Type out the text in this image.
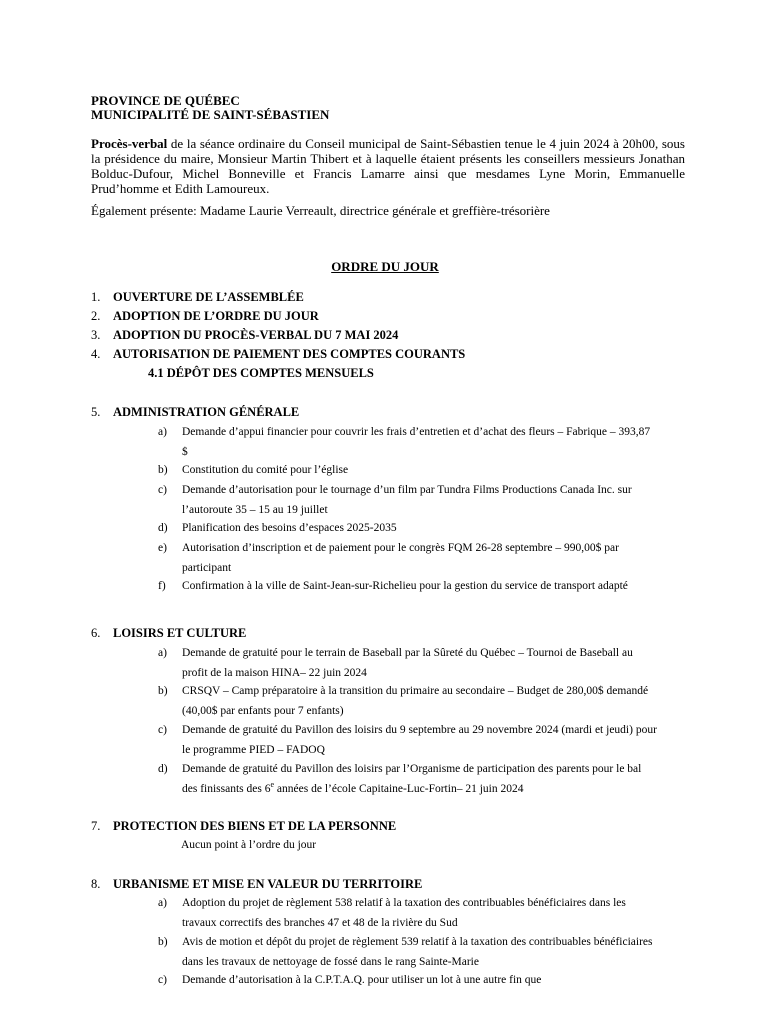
PROVINCE DE QUÉBEC
MUNICIPALITÉ DE SAINT-SÉBASTIEN
Procès-verbal de la séance ordinaire du Conseil municipal de Saint-Sébastien tenue le 4 juin 2024 à 20h00, sous la présidence du maire, Monsieur Martin Thibert et à laquelle étaient présents les conseillers messieurs Jonathan Bolduc-Dufour, Michel Bonneville et Francis Lamarre ainsi que mesdames Lyne Morin, Emmanuelle Prud’homme et Edith Lamoureux.
Également présente: Madame Laurie Verreault, directrice générale et greffière-trésorière
ORDRE DU JOUR
1. OUVERTURE DE L’ASSEMBLÉE
2. ADOPTION DE L’ORDRE DU JOUR
3. ADOPTION DU PROCÈS-VERBAL DU 7 MAI 2024
4. AUTORISATION DE PAIEMENT DES COMPTES COURANTS
4.1 DÉPÔT DES COMPTES MENSUELS
5. ADMINISTRATION GÉNÉRALE
a) Demande d’appui financier pour couvrir les frais d’entretien et d’achat des fleurs – Fabrique – 393,87 $
b) Constitution du comité pour l’église
c) Demande d’autorisation pour le tournage d’un film par Tundra Films Productions Canada Inc. sur l’autoroute 35 – 15 au 19 juillet
d) Planification des besoins d’espaces 2025-2035
e) Autorisation d’inscription et de paiement pour le congrès FQM 26-28 septembre – 990,00$ par participant
f) Confirmation à la ville de Saint-Jean-sur-Richelieu pour la gestion du service de transport adapté
6. LOISIRS ET CULTURE
a) Demande de gratuité pour le terrain de Baseball par la Sûreté du Québec – Tournoi de Baseball au profit de la maison HINA– 22 juin 2024
b) CRSQV – Camp préparatoire à la transition du primaire au secondaire – Budget de 280,00$ demandé (40,00$ par enfants pour 7 enfants)
c) Demande de gratuité du Pavillon des loisirs du 9 septembre au 29 novembre 2024 (mardi et jeudi) pour le programme PIED – FADOQ
d) Demande de gratuité du Pavillon des loisirs par l’Organisme de participation des parents pour le bal des finissants des 6e années de l’école Capitaine-Luc-Fortin– 21 juin 2024
7. PROTECTION DES BIENS ET DE LA PERSONNE
Aucun point à l’ordre du jour
8. URBANISME ET MISE EN VALEUR DU TERRITOIRE
a) Adoption du projet de règlement 538 relatif à la taxation des contribuables bénéficiaires dans les travaux correctifs des branches 47 et 48 de la rivière du Sud
b) Avis de motion et dépôt du projet de règlement 539 relatif à la taxation des contribuables bénéficiaires dans les travaux de nettoyage de fossé dans le rang Sainte-Marie
c) Demande d’autorisation à la C.P.T.A.Q. pour utiliser un lot à une autre fin que
